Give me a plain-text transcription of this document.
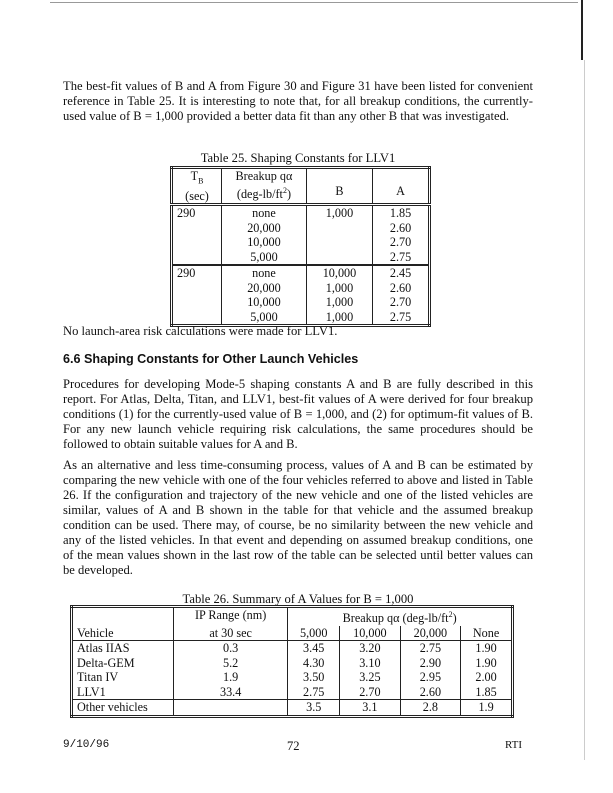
The best-fit values of B and A from Figure 30 and Figure 31 have been listed for convenient reference in Table 25. It is interesting to note that, for all breakup conditions, the currently-used value of B = 1,000 provided a better data fit than any other B that was investigated.
Table 25. Shaping Constants for LLV1
$T_B$
(sec)	Breakup qα
$(deg-lb/ft^2)$	B	A
290	none	1,000	1.85
	20,000		2.60
	10,000		2.70
	5,000		2.75
290	none	10,000	2.45
	20,000	1,000	2.60
	10,000	1,000	2.70
	5,000	1,000	2.75
No launch-area risk calculations were made for LLV1.
6.6 Shaping Constants for Other Launch Vehicles
Procedures for developing Mode-5 shaping constants A and B are fully described in this report. For Atlas, Delta, Titan, and LLV1, best-fit values of A were derived for four breakup conditions (1) for the currently-used value of B = 1,000, and (2) for optimum-fit values of B. For any new launch vehicle requiring risk calculations, the same procedures should be followed to obtain suitable values for A and B.
As an alternative and less time-consuming process, values of A and B can be estimated by comparing the new vehicle with one of the four vehicles referred to above and listed in Table 26. If the configuration and trajectory of the new vehicle and one of the listed vehicles are similar, values of A and B shown in the table for that vehicle and the assumed breakup condition can be used. There may, of course, be no similarity between the new vehicle and any of the listed vehicles. In that event and depending on assumed breakup conditions, one of the mean values shown in the last row of the table can be selected until better values can be developed.
Table 26. Summary of A Values for B = 1,000
	IP Range (nm)	Breakup qα $(deg-lb/ft^2)$			
Vehicle	at 30 sec	5,000	10,000	20,000	None
Atlas IIAS	0.3	3.45	3.20	2.75	1.90
Delta-GEM	5.2	4.30	3.10	2.90	1.90
Titan IV	1.9	3.50	3.25	2.95	2.00
LLV1	33.4	2.75	2.70	2.60	1.85
Other vehicles		3.5	3.1	2.8	1.9
9/10/96	72	RTI
